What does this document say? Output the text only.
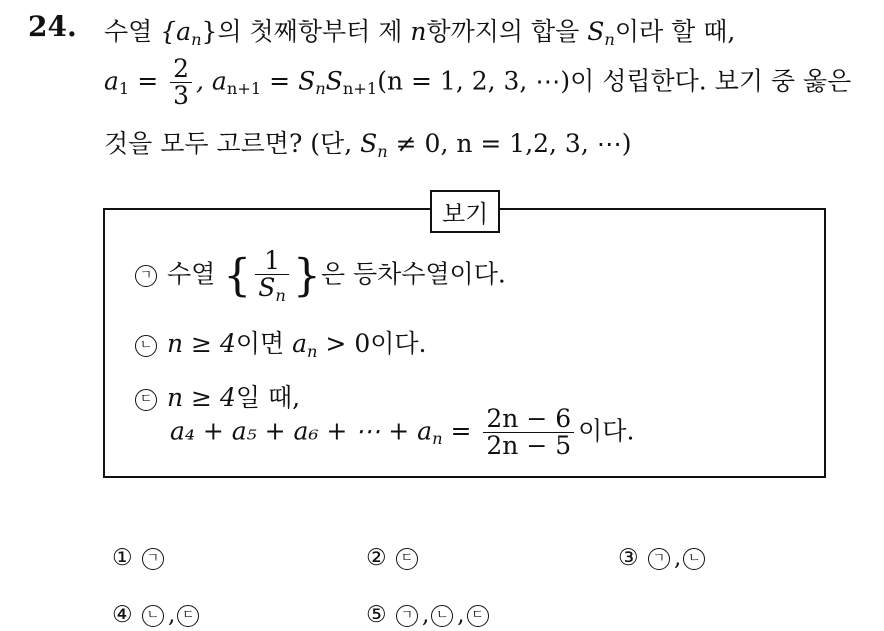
24. 수열 $\{a_n\}$의 첫째항부터 제 n항까지의 합을 $S_n$이라 할 때,
$a_1 = \frac{2}{3}$ , $a_{n+1} = S_nS_{n+1}(n = 1$, 2, 3, ⋯)이 성립한다. 보기 중 옳은
것을 모두 고르면? (단, $S_n \ne 0$, n = 1,2, 3, ⋯)
보기
ㄱ 수열 { $\frac{1}{S_n}$ }은 등차수열이다.
ㄴ n ≥ 4이면 $a_n > 0$이다.
ㄷ n ≥ 4일 때,
a₄ + a₅ + a₆ + ⋯ + $a_n = \frac{2n - 6}{2n - 5}$ 이다.
① ㄱ	② ㄷ	③ ㄱ , ㄴ
④ ㄴ , ㄷ	⑤ ㄱ , ㄴ , ㄷ
